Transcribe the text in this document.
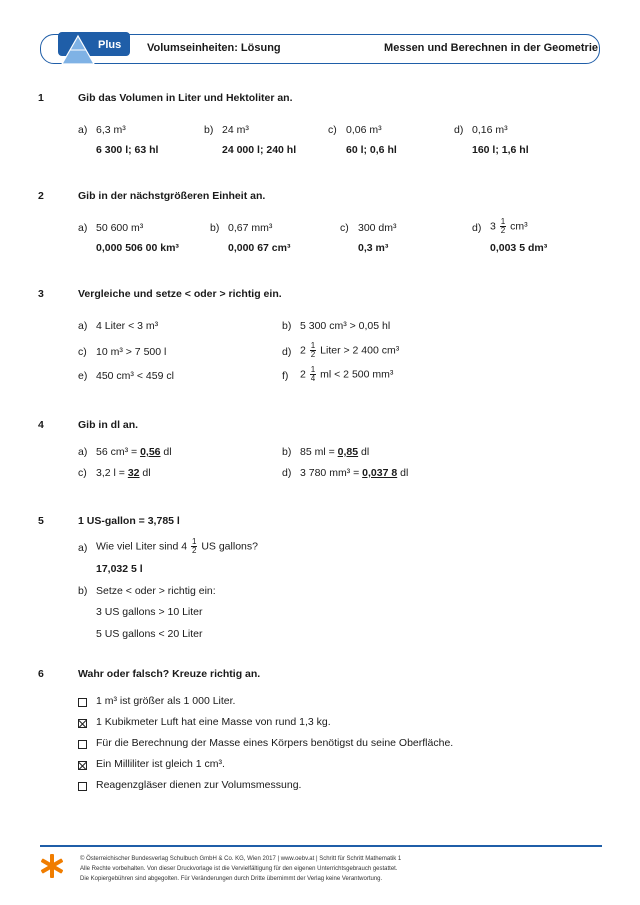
Plus Volumseinheiten: Lösung	Messen und Berechnen in der Geometrie
1	Gib das Volumen in Liter und Hektoliter an.
a) 6,3 m³
6 300 l; 63 hl
b) 24 m³
24 000 l; 240 hl
c) 0,06 m³
60 l; 0,6 hl
d) 0,16 m³
160 l; 1,6 hl
2	Gib in der nächstgrößeren Einheit an.
a) 50 600 m³
0,000 506 00 km³
b) 0,67 mm³
0,000 67 cm³
c) 300 dm³
0,3 m³
d) $3 \frac{1}{2} cm^3$
0,003 5 dm³
3	Vergleiche und setze < oder > richtig ein.
a) 4 Liter < 3 m³	b) 5 300 cm³ > 0,05 hl
c) 10 m³ > 7 500 l	d) $2 \frac{1}{2}$ Liter > 2 400 cm³
e) 450 cm³ < 459 cl	f) $2 \frac{1}{4}$ ml < 2 500 mm³
4	Gib in dl an.
a) 56 cm³ = 0,56 dl	b) 85 ml = 0,85 dl
c) 3,2 l = 32 dl	d) 3 780 mm³ = 0,037 8 dl
5	1 US-gallon = 3,785 l
a) Wie viel Liter sind $4 \frac{1}{2}$ US gallons?
17,032 5 l
b) Setze < oder > richtig ein:
3 US gallons > 10 Liter
5 US gallons < 20 Liter
6	Wahr oder falsch? Kreuze richtig an.
1 m³ ist größer als 1 000 Liter.
1 Kubikmeter Luft hat eine Masse von rund 1,3 kg.
Für die Berechnung der Masse eines Körpers benötigst du seine Oberfläche.
Ein Milliliter ist gleich 1 cm³.
Reagenzgläser dienen zur Volumsmessung.
© Österreichischer Bundesverlag Schulbuch GmbH & Co. KG, Wien 2017 | www.oebv.at | Schritt für Schritt Mathematik 1
Alle Rechte vorbehalten. Von dieser Druckvorlage ist die Vervielfältigung für den eigenen Unterrichtsgebrauch gestattet.
Die Kopiergebühren sind abgegolten. Für Veränderungen durch Dritte übernimmt der Verlag keine Verantwortung.
